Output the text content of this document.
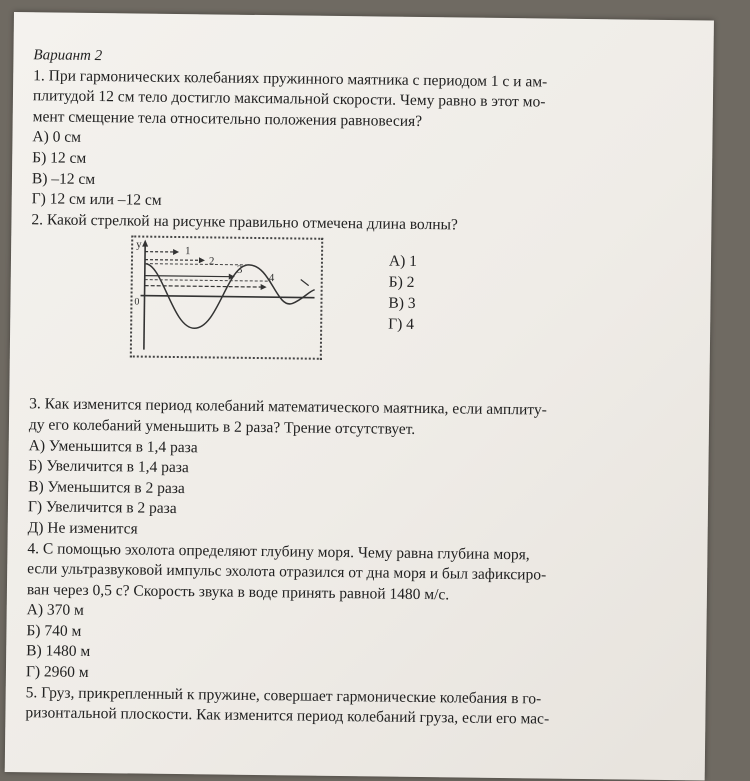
Вариант 2
1. При гармонических колебаниях пружинного маятника с периодом 1 с и ам-
плитудой 12 см тело достигло максимальной скорости. Чему равно в этот мо-
мент смещение тела относительно положения равновесия?
А) 0 см
Б) 12 см
В) –12 см
Г) 12 см или –12 см
2. Какой стрелкой на рисунке правильно отмечена длина волны?
y
0
1
2
3
4
А) 1
Б) 2
В) 3
Г) 4
3. Как изменится период колебаний математического маятника, если амплиту-
ду его колебаний уменьшить в 2 раза? Трение отсутствует.
А) Уменьшится в 1,4 раза
Б) Увеличится в 1,4 раза
В) Уменьшится в 2 раза
Г) Увеличится в 2 раза
Д) Не изменится
4. С помощью эхолота определяют глубину моря. Чему равна глубина моря,
если ультразвуковой импульс эхолота отразился от дна моря и был зафиксиро-
ван через 0,5 с? Скорость звука в воде принять равной 1480 м/с.
А) 370 м
Б) 740 м
В) 1480 м
Г) 2960 м
5. Груз, прикрепленный к пружине, совершает гармонические колебания в го-
ризонтальной плоскости. Как изменится период колебаний груза, если его мас-
